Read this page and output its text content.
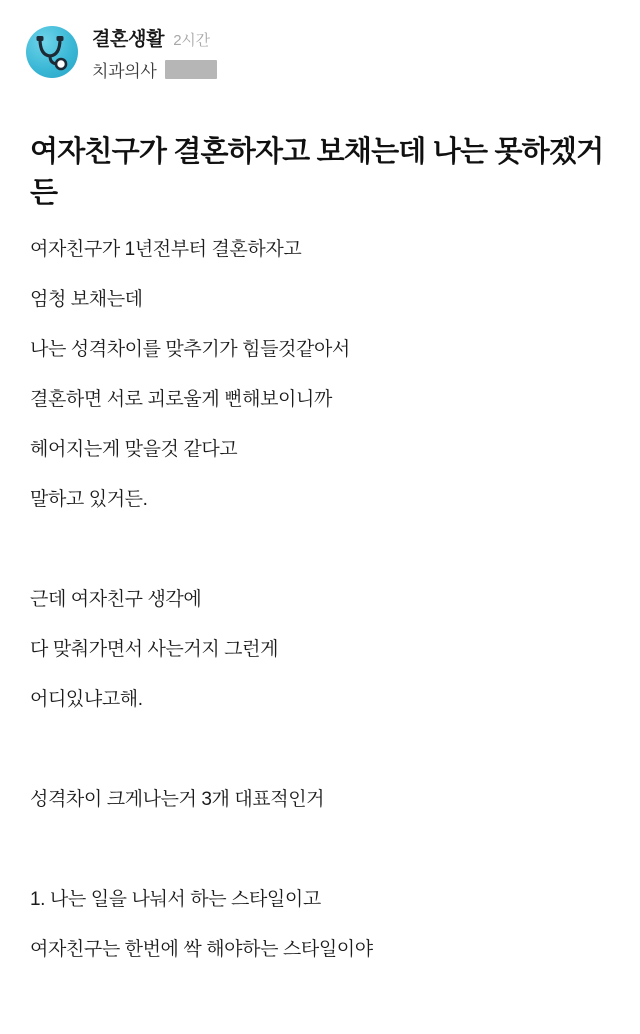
결혼생활 2시간
치과의사
여자친구가 결혼하자고 보채는데 나는 못하겠거든

여자친구가 1년전부터 결혼하자고

엄청 보채는데

나는 성격차이를 맞추기가 힘들것같아서

결혼하면 서로 괴로울게 뻔해보이니까

헤어지는게 맞을것 같다고

말하고 있거든.

근데 여자친구 생각에

다 맞춰가면서 사는거지 그런게

어디있냐고해.

성격차이 크게나는거 3개 대표적인거

1. 나는 일을 나눠서 하는 스타일이고

여자친구는 한번에 싹 해야하는 스타일이야
